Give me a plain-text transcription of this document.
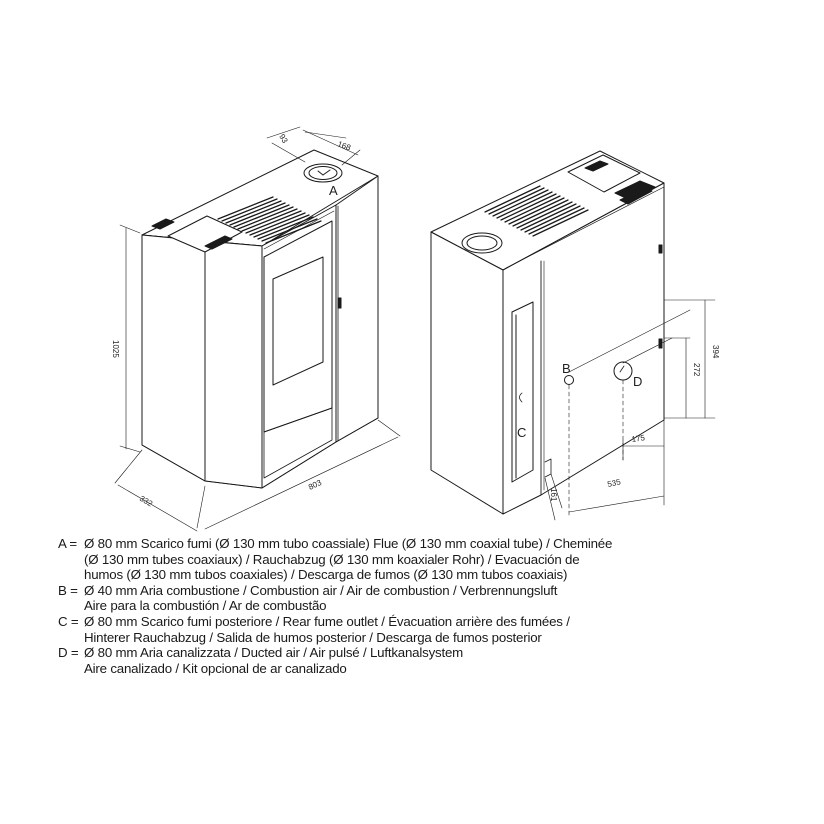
1025
332
803
93
168
A
394
272
175
535
161
B
C
D
A = Ø 80 mm Scarico fumi (Ø 130 mm tubo coassiale) Flue (Ø 130 mm coaxial tube) / Cheminée
(Ø 130 mm tubes coaxiaux) / Rauchabzug (Ø 130 mm koaxialer Rohr) / Evacuación de
humos (Ø 130 mm tubos coaxiales) / Descarga de fumos (Ø 130 mm tubos coaxiais)
B = Ø 40 mm Aria combustione / Combustion air / Air de combustion / Verbrennungsluft
Aire para la combustión / Ar de combustão
C = Ø 80 mm Scarico fumi posteriore / Rear fume outlet / Évacuation arrière des fumées /
Hinterer Rauchabzug / Salida de humos posterior / Descarga de fumos posterior
D = Ø 80 mm Aria canalizzata / Ducted air / Air pulsé / Luftkanalsystem
Aire canalizado / Kit opcional de ar canalizado
